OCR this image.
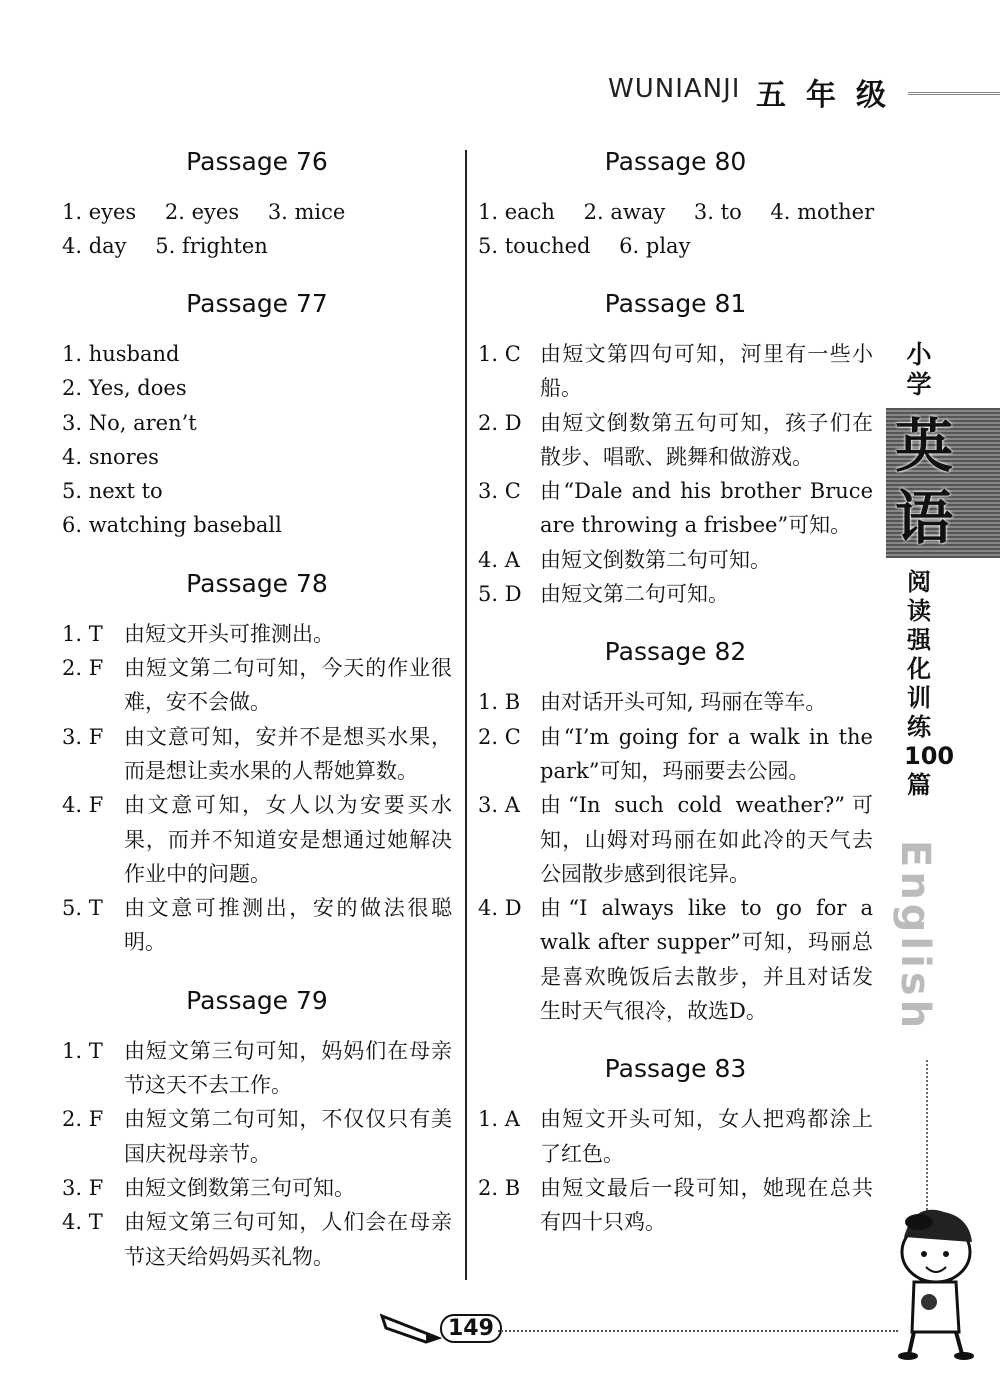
WUNIANJI 五年级
Passage 76
1. eyes 2. eyes 3. mice
4. day 5. frighten
Passage 77
1. husband
2. Yes, does
3. No, aren’t
4. snores
5. next to
6. watching baseball
Passage 78
1. T	由短文开头可推测出。
2. F 由短文第二句可知，今天的作业很难，安不会做。
3. F 由文意可知，安并不是想买水果，而是想让卖水果的人帮她算数。
4. F 由文意可知，女人以为安要买水果，而并不知道安是想通过她解决作业中的问题。
5. T	由文意可推测出，安的做法很聪明。
Passage 79
1. T	由短文第三句可知，妈妈们在母亲节这天不去工作。
2. F 由短文第二句可知，不仅仅只有美国庆祝母亲节。
3. F 由短文倒数第三句可知。
4. T	由短文第三句可知，人们会在母亲节这天给妈妈买礼物。
Passage 80
1. each 2. away 3. to 4. mother
5. touched 6. play
Passage 81
1. C 由短文第四句可知，河里有一些小船。
2. D 由短文倒数第五句可知，孩子们在散步、唱歌、跳舞和做游戏。
3. C 由“Dale and his brother Bruce are throwing a frisbee”可知。
4. A 由短文倒数第二句可知。
5. D 由短文第二句可知。
Passage 82
1. B 由对话开头可知, 玛丽在等车。
2. C 由“I’m going for a walk in the park”可知，玛丽要去公园。
3. A 由“In such cold weather?”可知，山姆对玛丽在如此冷的天气去公园散步感到很诧异。
4. D 由“I always like to go for a walk after supper”可知，玛丽总是喜欢晚饭后去散步，并且对话发生时天气很冷，故选D。
Passage 83
1. A 由短文开头可知，女人把鸡都涂上了红色。
2. B 由短文最后一段可知，她现在总共有四十只鸡。
小学
英语
阅读强化训练100篇
English
149
